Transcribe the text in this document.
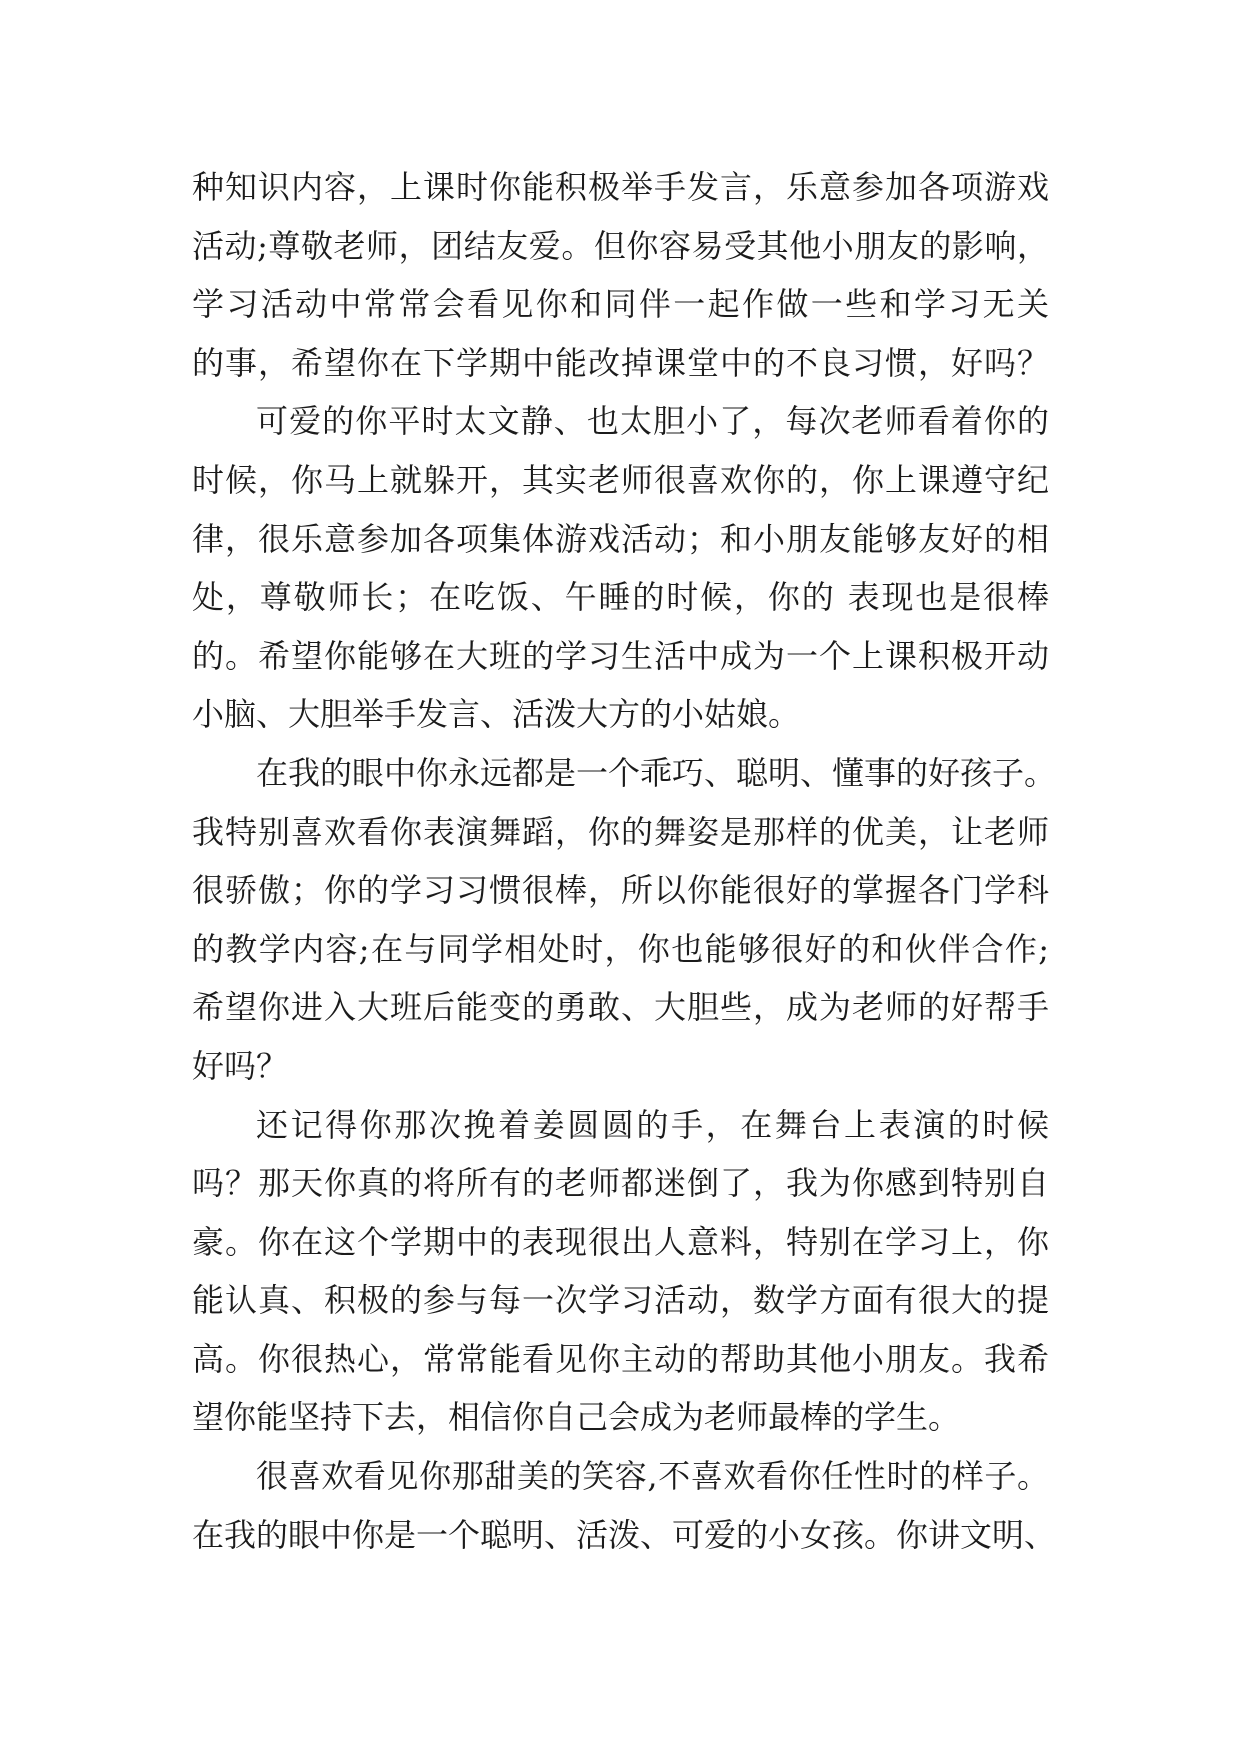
种知识内容，上课时你能积极举手发言，乐意参加各项游戏
活动;尊敬老师，团结友爱。但你容易受其他小朋友的影响，
学习活动中常常会看见你和同伴一起作做一些和学习无关
的事，希望你在下学期中能改掉课堂中的不良习惯，好吗？
可爱的你平时太文静、也太胆小了，每次老师看着你的
时候，你马上就躲开，其实老师很喜欢你的，你上课遵守纪
律，很乐意参加各项集体游戏活动；和小朋友能够友好的相
处，尊敬师长；在吃饭、午睡的时候，你的 表现也是很棒
的。希望你能够在大班的学习生活中成为一个上课积极开动
小脑、大胆举手发言、活泼大方的小姑娘。
在我的眼中你永远都是一个乖巧、聪明、懂事的好孩子。
我特别喜欢看你表演舞蹈，你的舞姿是那样的优美，让老师
很骄傲；你的学习习惯很棒，所以你能很好的掌握各门学科
的教学内容;在与同学相处时，你也能够很好的和伙伴合作;
希望你进入大班后能变的勇敢、大胆些，成为老师的好帮手
好吗？
还记得你那次挽着姜圆圆的手，在舞台上表演的时候
吗？那天你真的将所有的老师都迷倒了，我为你感到特别自
豪。你在这个学期中的表现很出人意料，特别在学习上，你
能认真、积极的参与每一次学习活动，数学方面有很大的提
高。你很热心，常常能看见你主动的帮助其他小朋友。我希
望你能坚持下去，相信你自己会成为老师最棒的学生。
很喜欢看见你那甜美的笑容,不喜欢看你任性时的样子。
在我的眼中你是一个聪明、活泼、可爱的小女孩。你讲文明、
